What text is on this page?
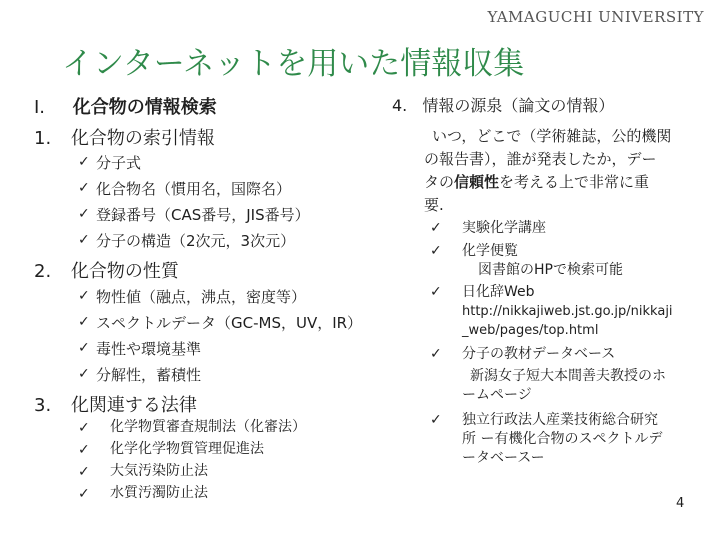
YAMAGUCHI UNIVERSITY
インターネットを用いた情報収集
I. 化合物の情報検索
1. 化合物の索引情報
✓ 分子式
✓ 化合物名（慣用名，国際名）
✓ 登録番号（CAS番号，JIS番号）
✓ 分子の構造（2次元，3次元）
2. 化合物の性質
✓ 物性値（融点，沸点，密度等）
✓ スペクトルデータ（GC-MS，UV，IR）
✓ 毒性や環境基準
✓ 分解性，蓄積性
3. 化関連する法律
✓ 化学物質審査規制法（化審法）
✓ 化学化学物質管理促進法
✓ 大気汚染防止法
✓ 水質汚濁防止法
4. 情報の源泉（論文の情報）
いつ，どこで（学術雑誌，公的機関
の報告書），誰が発表したか，デー
タの信頼性を考える上で非常に重
要.
✓ 実験化学講座
✓ 化学便覧
図書館のHPで検索可能
✓ 日化辞Web
http://nikkajiweb.jst.go.jp/nikkaji
_web/pages/top.html
✓ 分子の教材データベース
新潟女子短大本間善夫教授のホ
ームページ
✓ 独立行政法人産業技術総合研究
所 ー有機化合物のスペクトルデ
ータベースー
4
